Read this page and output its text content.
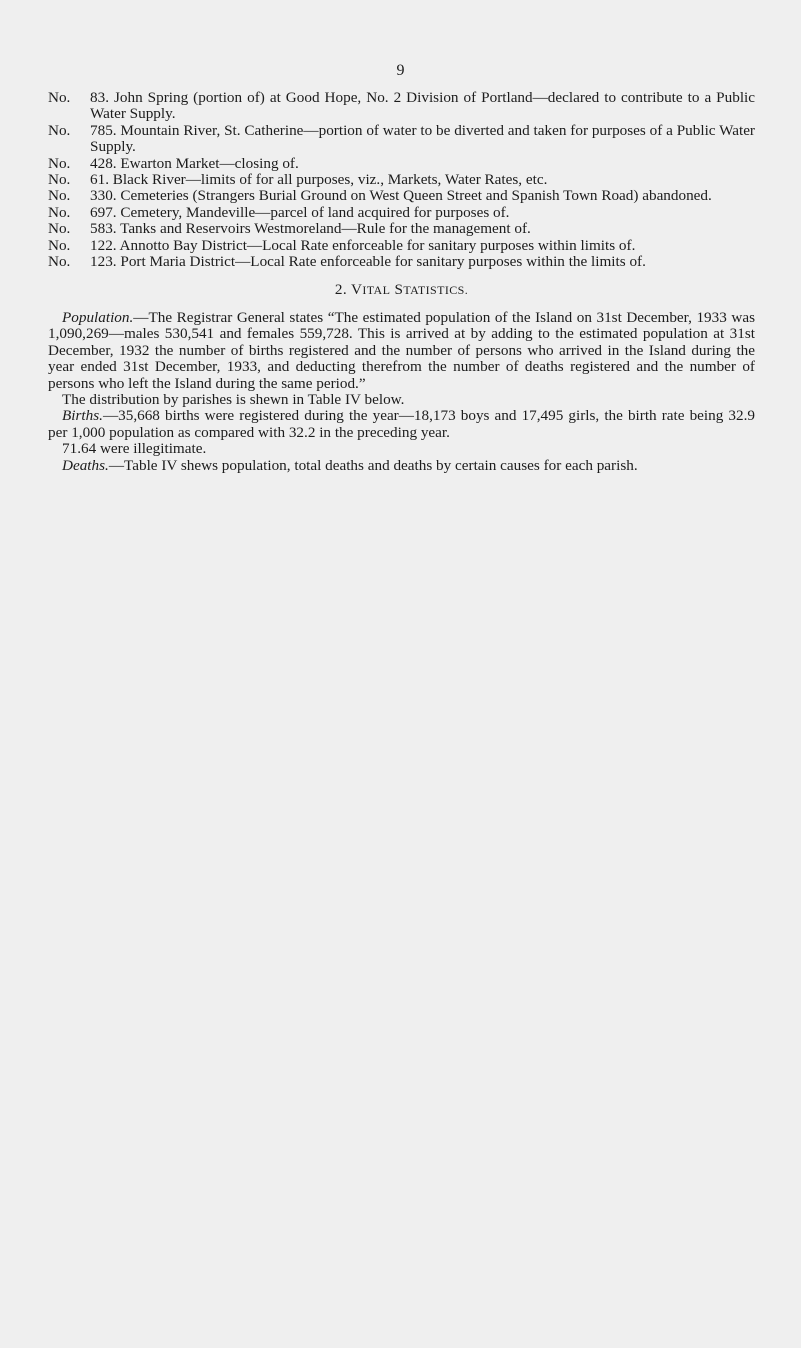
9
No.	83. John Spring (portion of) at Good Hope, No. 2 Division of Portland—declared to contribute to a Public Water Supply.
No.	785. Mountain River, St. Catherine—portion of water to be diverted and taken for purposes of a Public Water Supply.
No.	428. Ewarton Market—closing of.
No.	61. Black River—limits of for all purposes, viz., Markets, Water Rates, etc.
No.	330. Cemeteries (Strangers Burial Ground on West Queen Street and Spanish Town Road) abandoned.
No.	697. Cemetery, Mandeville—parcel of land acquired for purposes of.
No.	583. Tanks and Reservoirs Westmoreland—Rule for the management of.
No.	122. Annotto Bay District—Local Rate enforceable for sanitary purposes within limits of.
No.	123. Port Maria District—Local Rate enforceable for sanitary purposes within the limits of.
2. VITAL STATISTICS.

Population.—The Registrar General states “The estimated population of the Island on 31st December, 1933 was 1,090,269—males 530,541 and females 559,728. This is arrived at by adding to the estimated population at 31st December, 1932 the number of births registered and the number of persons who arrived in the Island during the year ended 31st December, 1933, and deducting therefrom the number of deaths registered and the number of persons who left the Island during the same period.”

The distribution by parishes is shewn in Table IV below.

Births.—35,668 births were registered during the year—18,173 boys and 17,495 girls, the birth rate being 32.9 per 1,000 population as compared with 32.2 in the preceding year.

71.64 were illegitimate.

Deaths.—Table IV shews population, total deaths and deaths by certain causes for each parish.
